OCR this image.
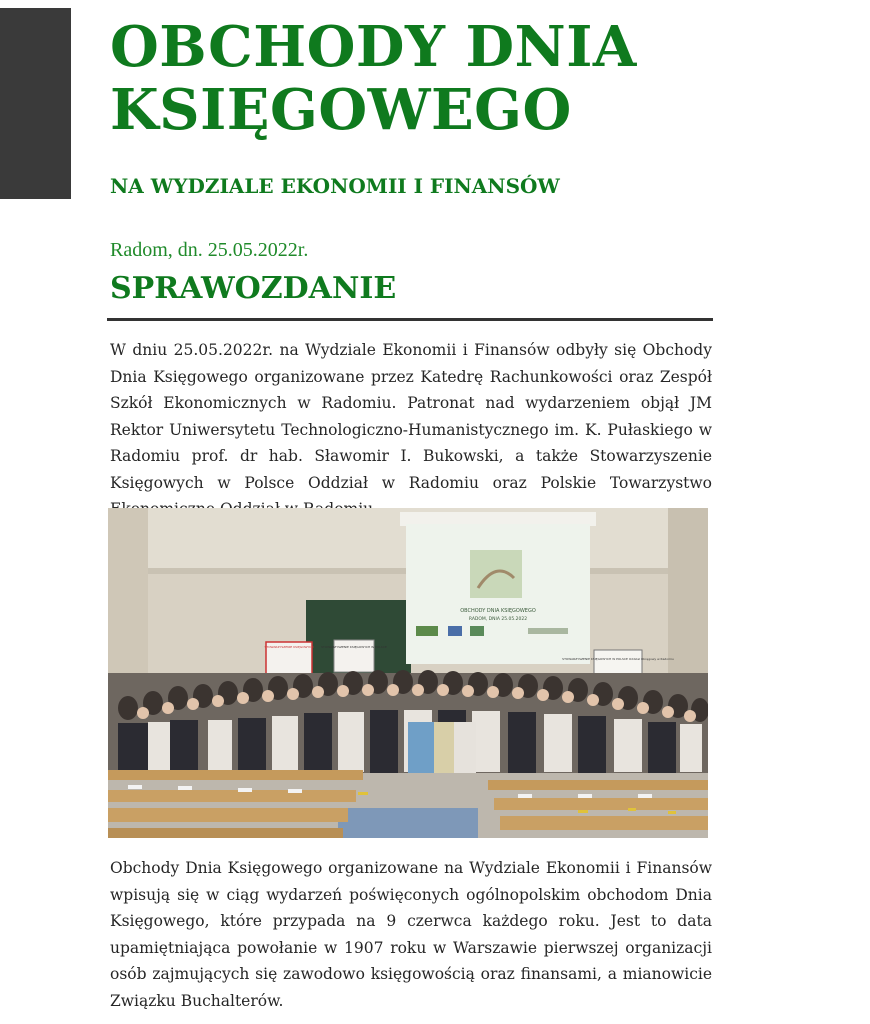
OBCHODY DNIA
KSIĘGOWEGO
NA WYDZIALE EKONOMII I FINANSÓW
Radom, dn. 25.05.2022r.
SPRAWOZDANIE

W dniu 25.05.2022r. na Wydziale Ekonomii i Finansów odbyły się Obchody Dnia Księgowego organizowane przez Katedrę Rachunkowości oraz Zespół Szkół Ekonomicznych w Radomiu. Patronat nad wydarzeniem objął JM Rektor Uniwersytetu Technologiczno-Humanistycznego im. K. Pułaskiego w Radomiu prof. dr hab. Sławomir I. Bukowski, a także Stowarzyszenie Księgowych w Polsce Oddział w Radomiu oraz Polskie Towarzystwo

OBCHODY DNIA KSIĘGOWEGO
RADOM, DNIA 25.05.2022
STOWARZYSZENIE KSIĘGOWYCH	STOWARZYSZENIE KSIĘGOWYCH W POLSCE
STOWARZYSZENIE KSIĘGOWYCH W POLSCE Oddział Okręgowy w Radomiu

Obchody Dnia Księgowego organizowane na Wydziale Ekonomii i Finansów wpisują się w ciąg wydarzeń poświęconych ogólnopolskim obchodom Dnia Księgowego, które przypada na 9 czerwca każdego roku. Jest to data upamiętniająca powołanie w 1907 roku w Warszawie pierwszej organizacji osób zajmujących się zawodowo księgowością oraz finansami, a mianowicie Związku Buchalterów.
